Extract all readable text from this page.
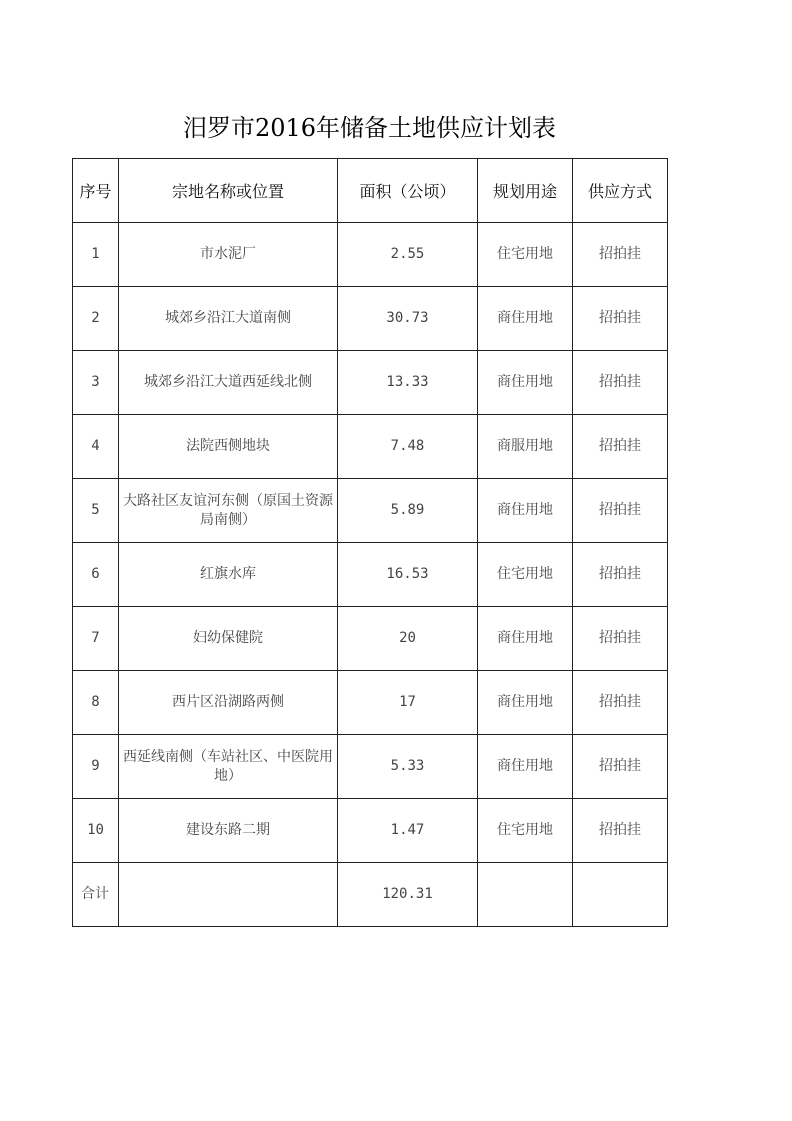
汨罗市2016年储备土地供应计划表
序号	宗地名称或位置	面积（公顷）	规划用途	供应方式
1	市水泥厂	2.55	住宅用地	招拍挂
2	城郊乡沿江大道南侧	30.73	商住用地	招拍挂
3	城郊乡沿江大道西延线北侧	13.33	商住用地	招拍挂
4	法院西侧地块	7.48	商服用地	招拍挂
5	大路社区友谊河东侧（原国土资源局南侧）	5.89	商住用地	招拍挂
6	红旗水库	16.53	住宅用地	招拍挂
7	妇幼保健院	20	商住用地	招拍挂
8	西片区沿湖路两侧	17	商住用地	招拍挂
9	西延线南侧（车站社区、中医院用地）	5.33	商住用地	招拍挂
10	建设东路二期	1.47	住宅用地	招拍挂
合计		120.31		
